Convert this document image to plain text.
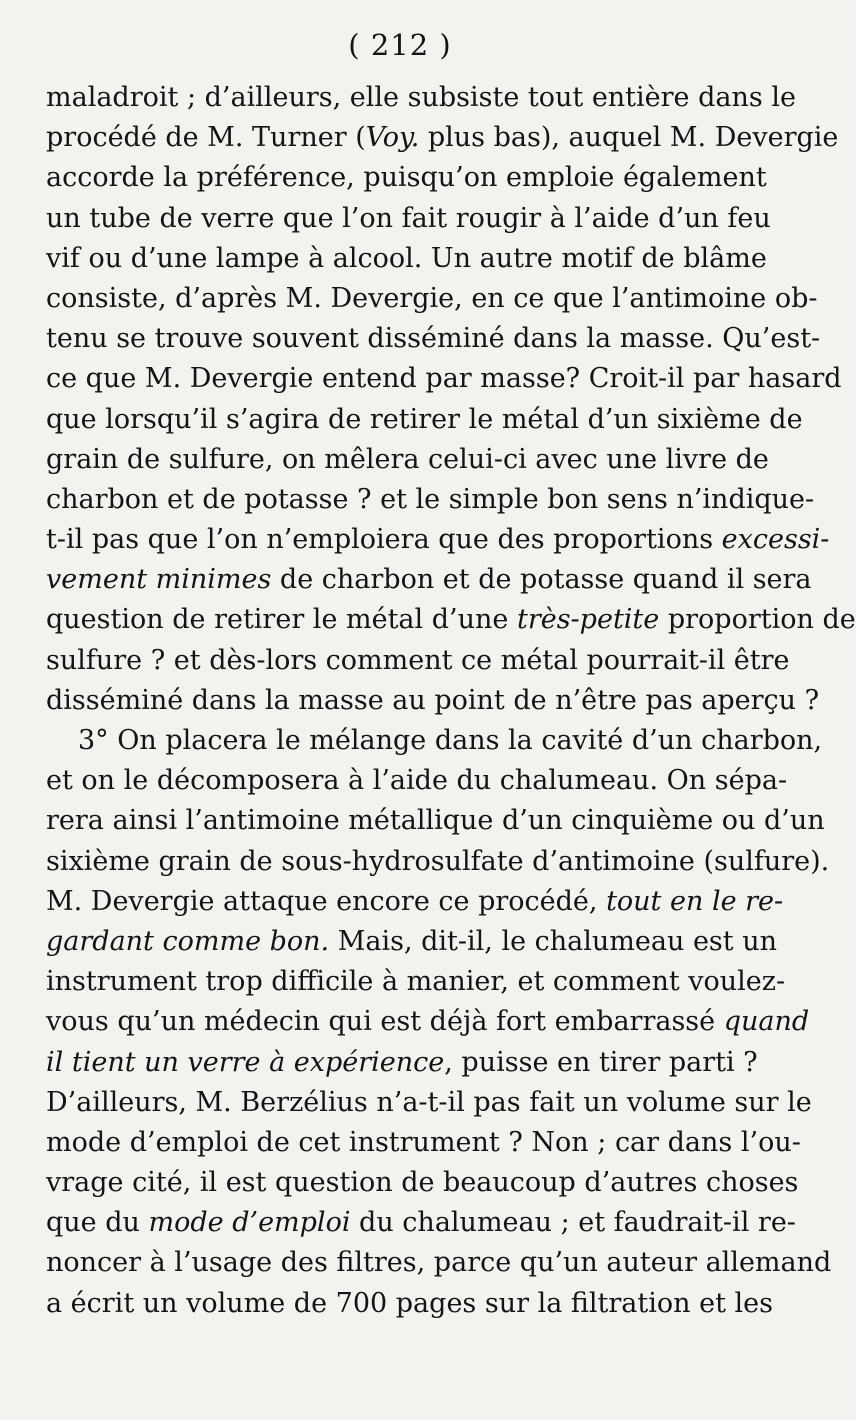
( 212 )
maladroit ; d’ailleurs, elle subsiste tout entière dans le
procédé de M. Turner (Voy. plus bas), auquel M. Devergie
accorde la préférence, puisqu’on emploie également
un tube de verre que l’on fait rougir à l’aide d’un feu
vif ou d’une lampe à alcool. Un autre motif de blâme
consiste, d’après M. Devergie, en ce que l’antimoine ob-
tenu se trouve souvent disséminé dans la masse. Qu’est-
ce que M. Devergie entend par masse? Croit-il par hasard
que lorsqu’il s’agira de retirer le métal d’un sixième de
grain de sulfure, on mêlera celui-ci avec une livre de
charbon et de potasse ? et le simple bon sens n’indique-
t-il pas que l’on n’emploiera que des proportions excessi-
vement minimes de charbon et de potasse quand il sera
question de retirer le métal d’une très-petite proportion de
sulfure ? et dès-lors comment ce métal pourrait-il être
disséminé dans la masse au point de n’être pas aperçu ?
3° On placera le mélange dans la cavité d’un charbon,
et on le décomposera à l’aide du chalumeau. On sépa-
rera ainsi l’antimoine métallique d’un cinquième ou d’un
sixième grain de sous-hydrosulfate d’antimoine (sulfure).
M. Devergie attaque encore ce procédé, tout en le re-
gardant comme bon. Mais, dit-il, le chalumeau est un
instrument trop difficile à manier, et comment voulez-
vous qu’un médecin qui est déjà fort embarrassé quand
il tient un verre à expérience, puisse en tirer parti ?
D’ailleurs, M. Berzélius n’a-t-il pas fait un volume sur le
mode d’emploi de cet instrument ? Non ; car dans l’ou-
vrage cité, il est question de beaucoup d’autres choses
que du mode d’emploi du chalumeau ; et faudrait-il re-
noncer à l’usage des filtres, parce qu’un auteur allemand
a écrit un volume de 700 pages sur la filtration et les
